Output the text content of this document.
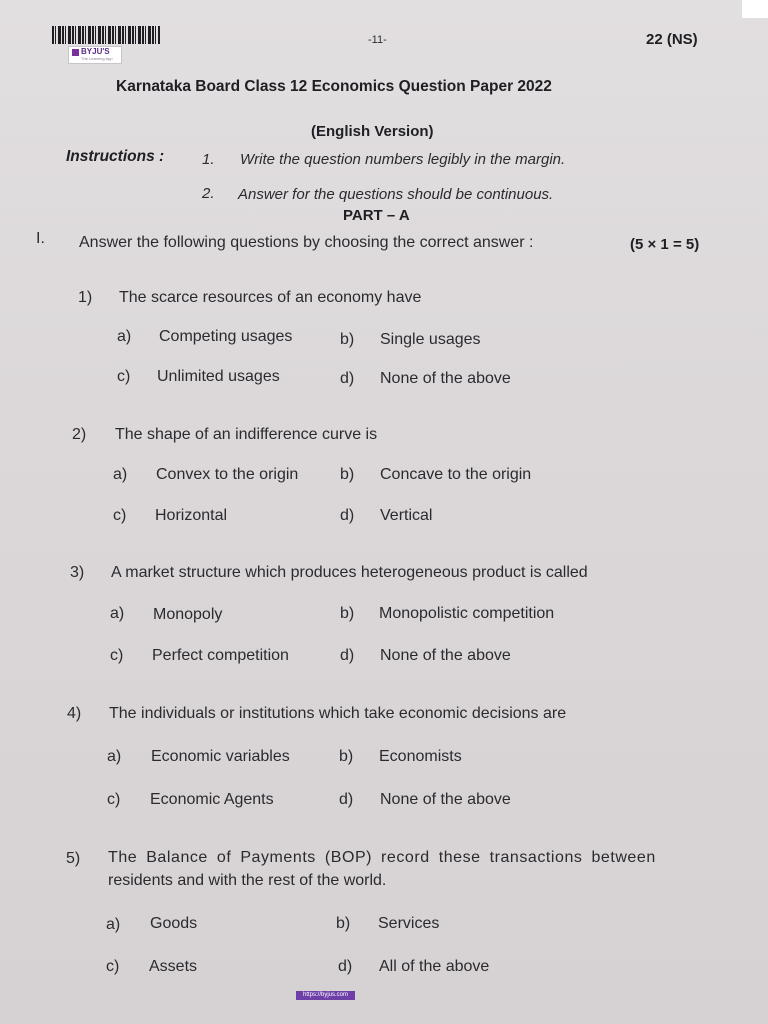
BYJU'S
The Learning App
-11-	22 (NS)
Karnataka Board Class 12 Economics Question Paper 2022
(English Version)
Instructions :	1. Write the question numbers legibly in the margin.
2. Answer for the questions should be continuous.
PART – A
I. Answer the following questions by choosing the correct answer :	(5 × 1 = 5)
1) The scarce resources of an economy have
a) Competing usages	b) Single usages
c) Unlimited usages	d) None of the above
2) The shape of an indifference curve is
a) Convex to the origin	b) Concave to the origin
c) Horizontal	d) Vertical
3) A market structure which produces heterogeneous product is called
a) Monopoly	b) Monopolistic competition
c) Perfect competition	d) None of the above
4) The individuals or institutions which take economic decisions are
a) Economic variables	b) Economists
c) Economic Agents	d) None of the above
5) The Balance of Payments (BOP) record these transactions between
residents and with the rest of the world.
a) Goods	b) Services
c) Assets	d) All of the above
https://byjus.com
